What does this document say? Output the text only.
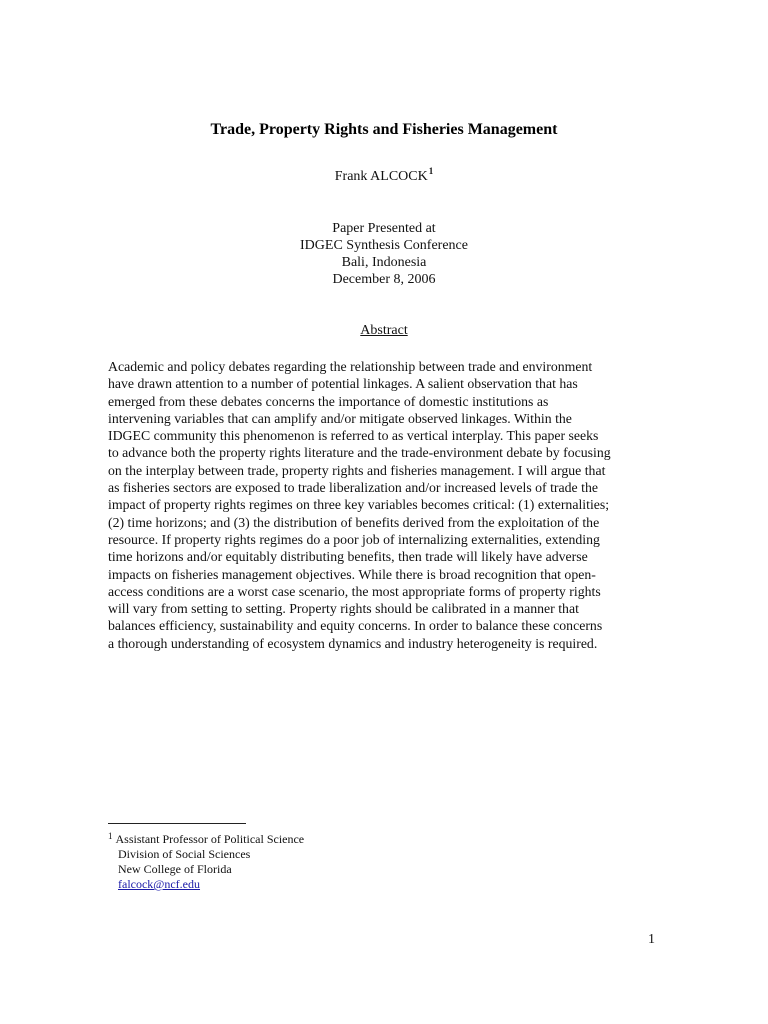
Trade, Property Rights and Fisheries Management
Frank ALCOCK$^1$
Paper Presented at
IDGEC Synthesis Conference
Bali, Indonesia
December 8, 2006
Abstract
Academic and policy debates regarding the relationship between trade and environment
have drawn attention to a number of potential linkages. A salient observation that has
emerged from these debates concerns the importance of domestic institutions as
intervening variables that can amplify and/or mitigate observed linkages. Within the
IDGEC community this phenomenon is referred to as vertical interplay. This paper seeks
to advance both the property rights literature and the trade-environment debate by focusing
on the interplay between trade, property rights and fisheries management. I will argue that
as fisheries sectors are exposed to trade liberalization and/or increased levels of trade the
impact of property rights regimes on three key variables becomes critical: (1) externalities;
(2) time horizons; and (3) the distribution of benefits derived from the exploitation of the
resource. If property rights regimes do a poor job of internalizing externalities, extending
time horizons and/or equitably distributing benefits, then trade will likely have adverse
impacts on fisheries management objectives. While there is broad recognition that open-
access conditions are a worst case scenario, the most appropriate forms of property rights
will vary from setting to setting. Property rights should be calibrated in a manner that
balances efficiency, sustainability and equity concerns. In order to balance these concerns
a thorough understanding of ecosystem dynamics and industry heterogeneity is required.
$^1$ Assistant Professor of Political Science
Division of Social Sciences
New College of Florida
falcock@ncf.edu
1
